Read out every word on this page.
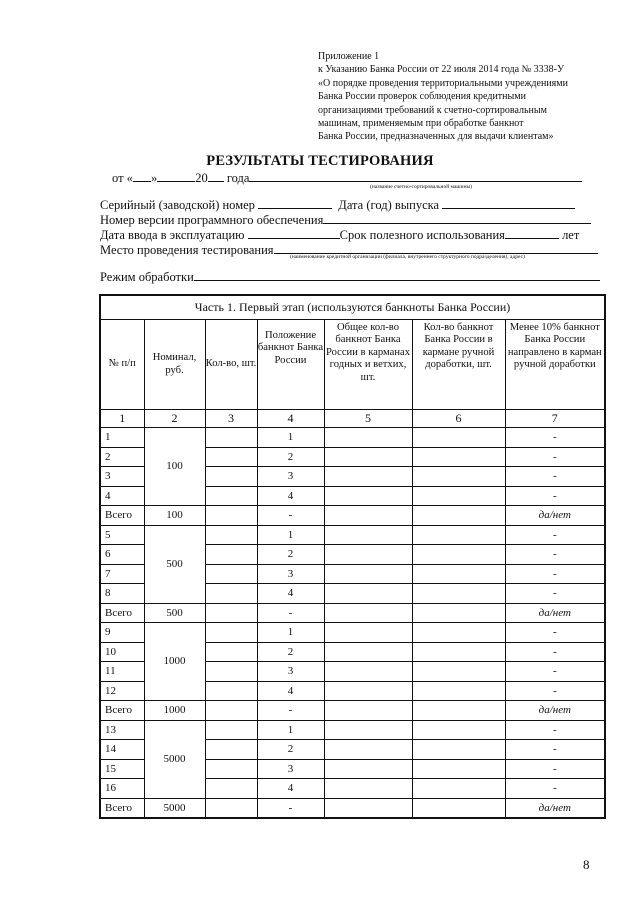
Приложение 1
к Указанию Банка России от 22 июля 2014 года № 3338-У
«О порядке проведения территориальными учреждениями
Банка России проверок соблюдения кредитными
организациями требований к счетно-сортировальным
машинам, применяемым при обработке банкнот
Банка России, предназначенных для выдачи клиентам»
РЕЗУЛЬТАТЫ ТЕСТИРОВАНИЯ
от « »	20 года
(название счетно-сортировальной машины)
Серийный (заводской) номер	Дата (год) выпуска
Номер версии программного обеспечения
Дата ввода в эксплуатацию	Срок полезного использования	лет
Место проведения тестирования	(наименование кредитной организации (филиала, внутреннего структурного подразделения), адрес)
Режим обработки
Часть 1. Первый этап (используются банкноты Банка России)						
№ п/п	Номинал, руб.	Кол-во, шт.	Положение банкнот Банка России	Общее кол-во банкнот Банка России в карманах годных и ветхих, шт.	Кол-во банкнот Банка России в кармане ручной доработки, шт.	Менее 10% банкнот Банка России направлено в карман ручной доработки
1	2	3	4	5	6	7
1	100		1			-
2			2			-
3			3			-
4			4			-
Всего	100		-			да/нет
5	500		1			-
6			2			-
7			3			-
8			4			-
Всего	500		-			да/нет
9	1000		1			-
10			2			-
11			3			-
12			4			-
Всего	1000		-			да/нет
13	5000		1			-
14			2			-
15			3			-
16			4			-
Всего	5000		-			да/нет
8
